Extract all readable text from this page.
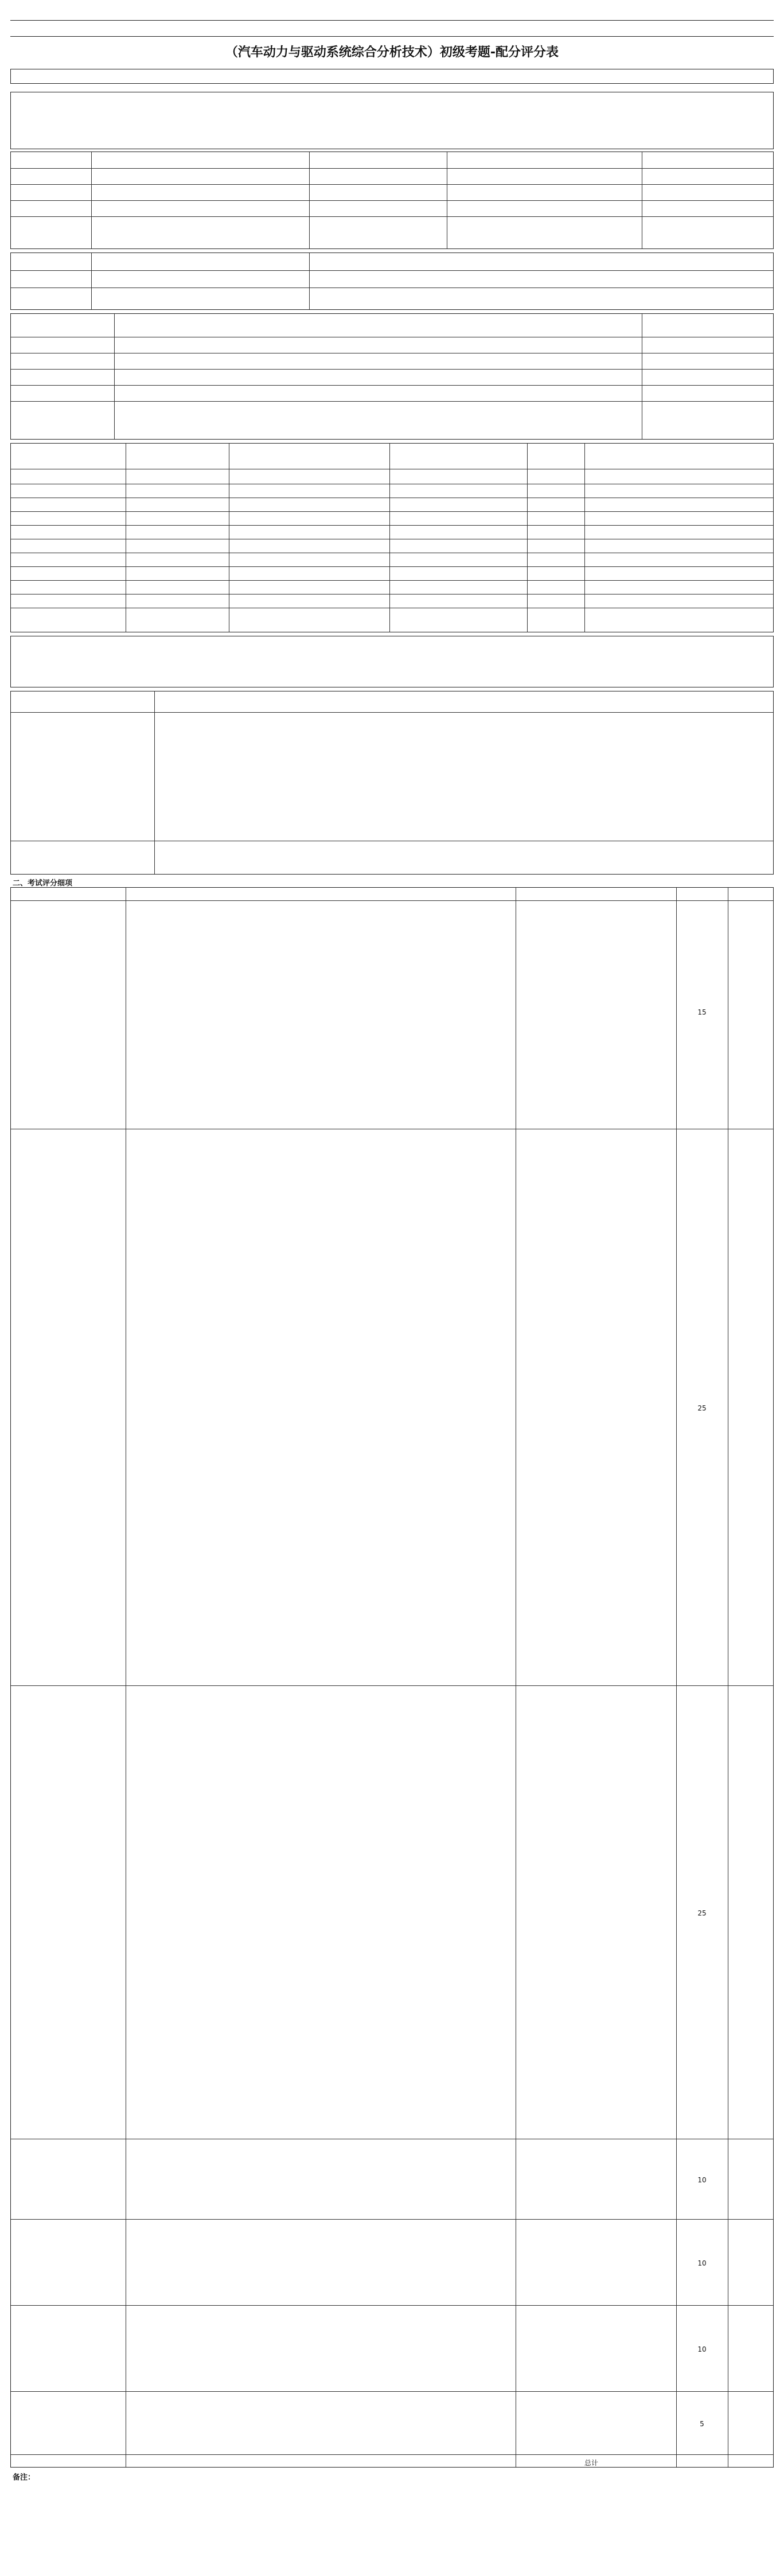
（汽车动力与驱动系统综合分析技术）初级考题-配分评分表
二、考试评分细项
15
25
25
10
10
10
5
总计
备注：
